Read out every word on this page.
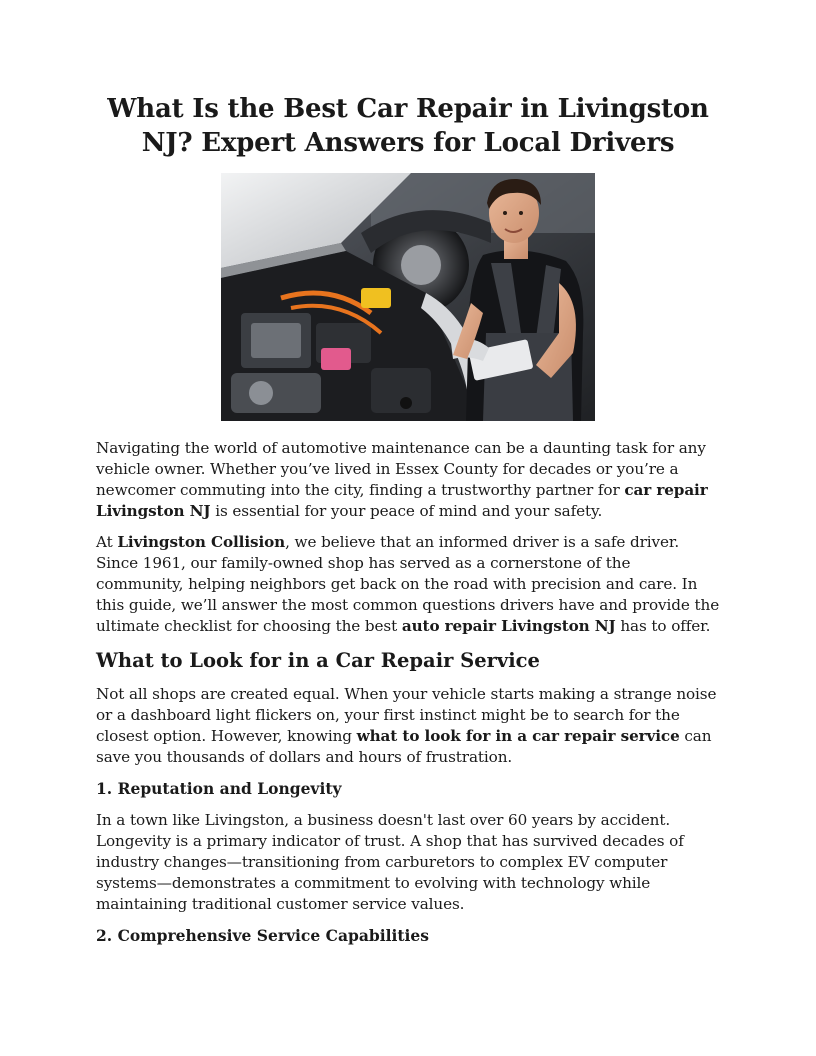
What Is the Best Car Repair in Livingston
NJ? Expert Answers for Local Drivers

Navigating the world of automotive maintenance can be a daunting task for any vehicle owner. Whether you’ve lived in Essex County for decades or you’re a newcomer commuting into the city, finding a trustworthy partner for car repair Livingston NJ is essential for your peace of mind and your safety.

At Livingston Collision, we believe that an informed driver is a safe driver. Since 1961, our family-owned shop has served as a cornerstone of the community, helping neighbors get back on the road with precision and care. In this guide, we’ll answer the most common questions drivers have and provide the ultimate checklist for choosing the best auto repair Livingston NJ has to offer.

What to Look for in a Car Repair Service

Not all shops are created equal. When your vehicle starts making a strange noise or a dashboard light flickers on, your first instinct might be to search for the closest option. However, knowing what to look for in a car repair service can save you thousands of dollars and hours of frustration.

1. Reputation and Longevity

In a town like Livingston, a business doesn't last over 60 years by accident. Longevity is a primary indicator of trust. A shop that has survived decades of industry changes—transitioning from carburetors to complex EV computer systems—demonstrates a commitment to evolving with technology while maintaining traditional customer service values.

2. Comprehensive Service Capabilities
